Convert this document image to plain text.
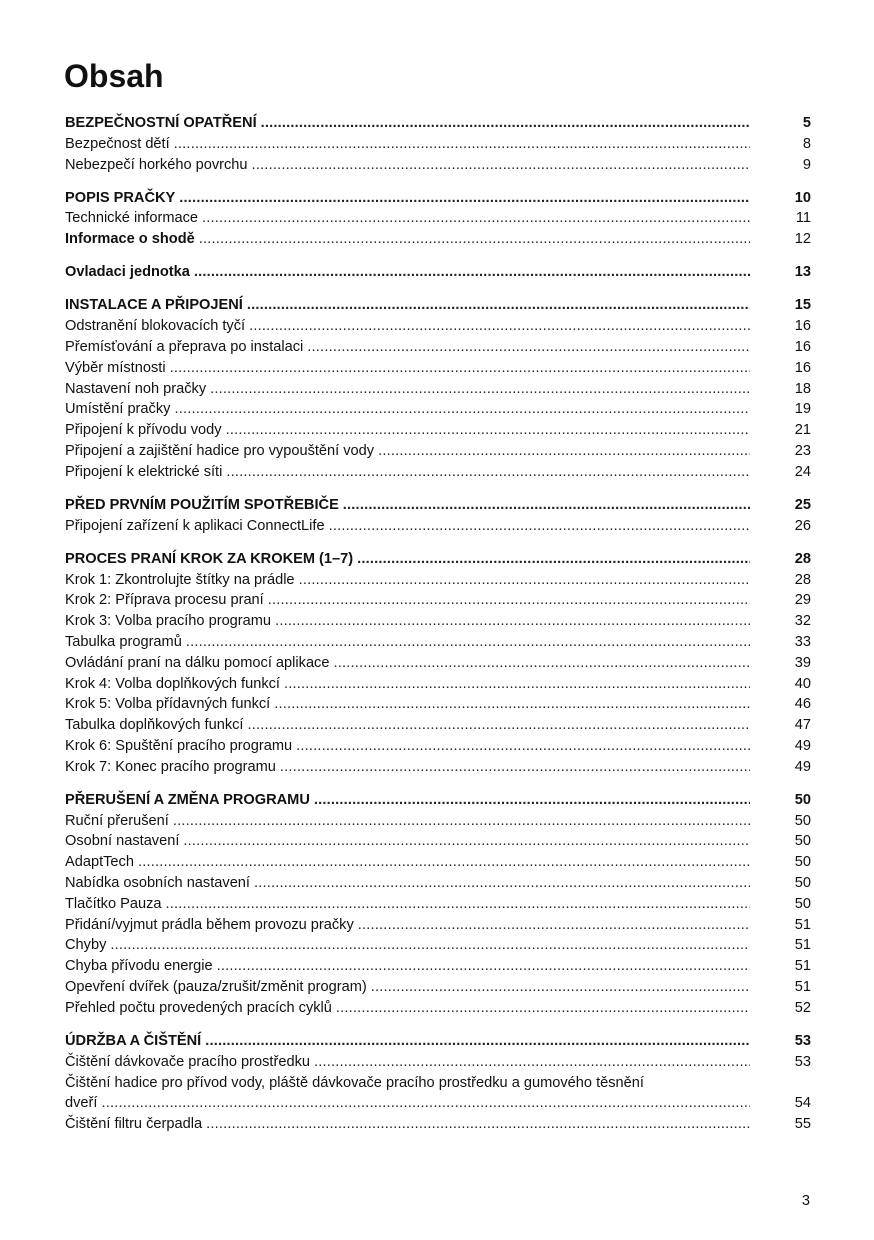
Obsah
BEZPEČNOSTNÍ OPATŘENÍ .....	5
Bezpečnost dětí .....	8
Nebezpečí horkého povrchu .....	9
POPIS PRAČKY .....	10
Technické informace .....	11
Informace o shodě .....	12
Ovladaci jednotka .....	13
INSTALACE A PŘIPOJENÍ .....	15
Odstranění blokovacích tyčí .....	16
Přemísťování a přeprava po instalaci .....	16
Výběr místnosti .....	16
Nastavení noh pračky .....	18
Umístění pračky .....	19
Připojení k přívodu vody .....	21
Připojení a zajištění hadice pro vypouštění vody .....	23
Připojení k elektrické síti .....	24
PŘED PRVNÍM POUŽITÍM SPOTŘEBIČE .....	25
Připojení zařízení k aplikaci ConnectLife .....	26
PROCES PRANÍ KROK ZA KROKEM (1–7) .....	28
Krok 1: Zkontrolujte štítky na prádle .....	28
Krok 2: Příprava procesu praní .....	29
Krok 3: Volba pracího programu .....	32
Tabulka programů .....	33
Ovládání praní na dálku pomocí aplikace .....	39
Krok 4: Volba doplňkových funkcí .....	40
Krok 5: Volba přídavných funkcí .....	46
Tabulka doplňkových funkcí .....	47
Krok 6: Spuštění pracího programu .....	49
Krok 7: Konec pracího programu .....	49
PŘERUŠENÍ A ZMĚNA PROGRAMU .....	50
Ruční přerušení .....	50
Osobní nastavení .....	50
AdaptTech .....	50
Nabídka osobních nastavení .....	50
Tlačítko Pauza .....	50
Přidání/vyjmut prádla během provozu pračky .....	51
Chyby .....	51
Chyba přívodu energie .....	51
Opevření dvířek (pauza/zrušit/změnit program) .....	51
Přehled počtu provedených pracích cyklů .....	52
ÚDRŽBA A ČIŠTĚNÍ .....	53
Čištění dávkovače pracího prostředku .....	53
Čištění hadice pro přívod vody, pláště dávkovače pracího prostředku a gumového těsnění
dveří .....	54
Čištění filtru čerpadla .....	55
3
